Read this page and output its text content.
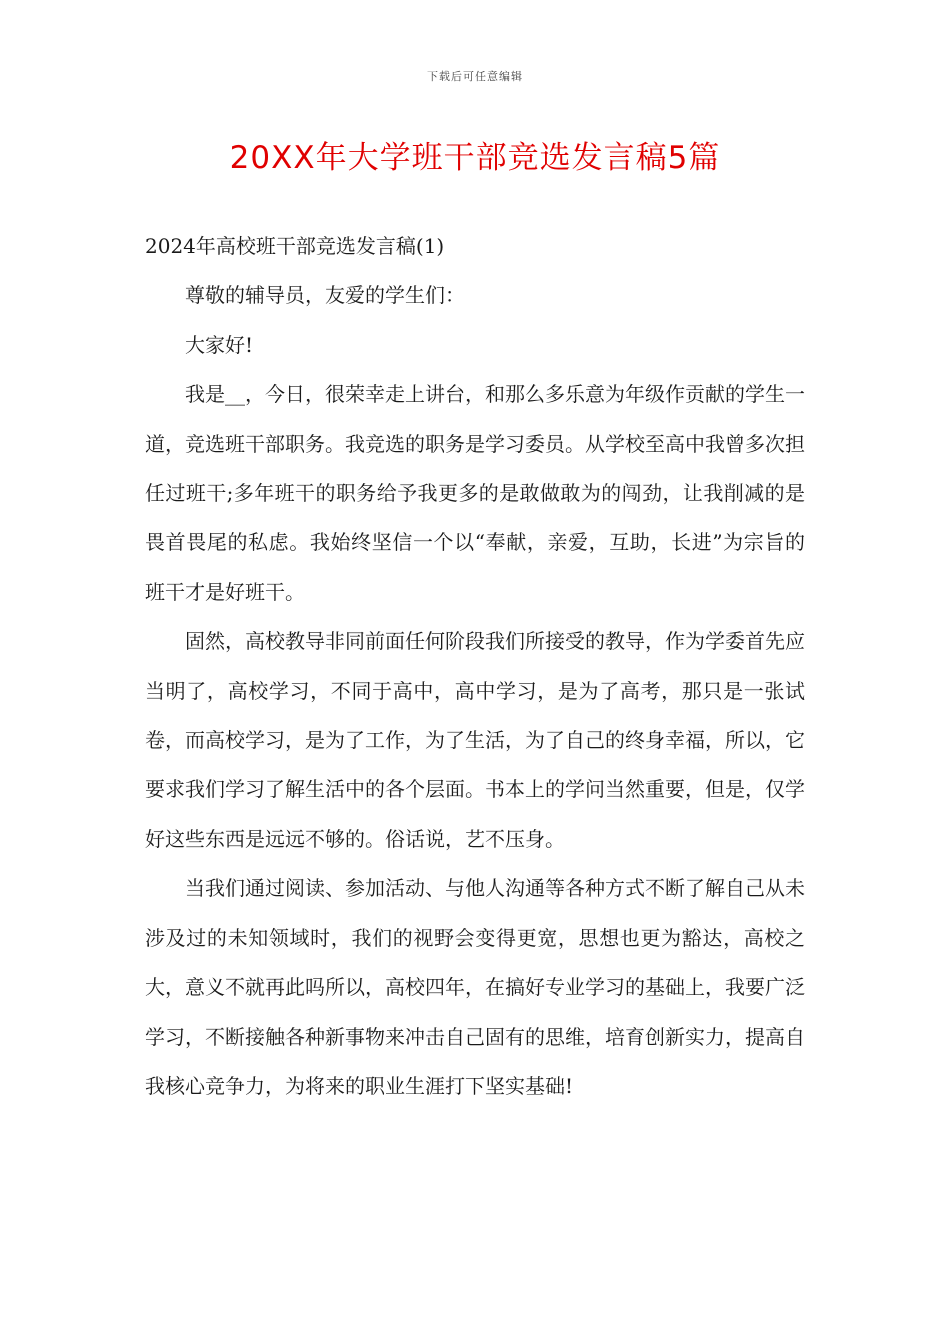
下载后可任意编辑
20XX年大学班干部竞选发言稿5篇

2024年高校班干部竞选发言稿(1)

尊敬的辅导员，友爱的学生们：

大家好!

我是__，今日，很荣幸走上讲台，和那么多乐意为年级作贡献的学生一道，竞选班干部职务。我竞选的职务是学习委员。从学校至高中我曾多次担任过班干;多年班干的职务给予我更多的是敢做敢为的闯劲，让我削减的是畏首畏尾的私虑。我始终坚信一个以“奉献，亲爱，互助，长进”为宗旨的班干才是好班干。

固然，高校教导非同前面任何阶段我们所接受的教导，作为学委首先应当明了，高校学习，不同于高中，高中学习，是为了高考，那只是一张试卷，而高校学习，是为了工作，为了生活，为了自己的终身幸福，所以，它要求我们学习了解生活中的各个层面。书本上的学问当然重要，但是，仅学好这些东西是远远不够的。俗话说，艺不压身。

当我们通过阅读、参加活动、与他人沟通等各种方式不断了解自己从未涉及过的未知领域时，我们的视野会变得更宽，思想也更为豁达，高校之大，意义不就再此吗所以，高校四年，在搞好专业学习的基础上，我要广泛学习，不断接触各种新事物来冲击自己固有的思维，培育创新实力，提高自我核心竞争力，为将来的职业生涯打下坚实基础!
